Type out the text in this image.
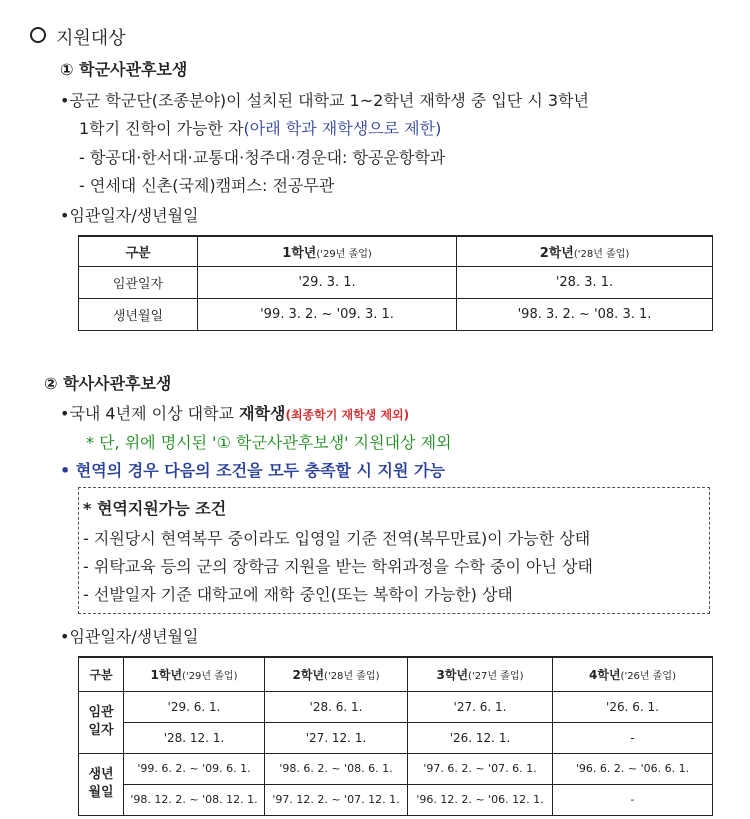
지원대상
① 학군사관후보생
•공군 학군단(조종분야)이 설치된 대학교 1~2학년 재학생 중 입단 시 3학년
1학기 진학이 가능한 자(아래 학과 재학생으로 제한)
- 항공대·한서대·교통대·청주대·경운대: 항공운항학과
- 연세대 신촌(국제)캠퍼스: 전공무관
•임관일자/생년월일
구분	1학년('29년 졸업)	2학년('28년 졸업)
임관일자	'29. 3. 1.	'28. 3. 1.
생년월일	'99. 3. 2. ~ '09. 3. 1.	'98. 3. 2. ~ '08. 3. 1.
② 학사사관후보생
•국내 4년제 이상 대학교 재학생(최종학기 재학생 제외)
* 단, 위에 명시된 '① 학군사관후보생' 지원대상 제외
• 현역의 경우 다음의 조건을 모두 충족할 시 지원 가능
* 현역지원가능 조건
- 지원당시 현역복무 중이라도 입영일 기준 전역(복무만료)이 가능한 상태
- 위탁교육 등의 군의 장학금 지원을 받는 학위과정을 수학 중이 아닌 상태
- 선발일자 기준 대학교에 재학 중인(또는 복학이 가능한) 상태
•임관일자/생년월일
구분	1학년('29년 졸업)	2학년('28년 졸업)	3학년('27년 졸업)	4학년('26년 졸업)
임관
일자	'29. 6. 1.	'28. 6. 1.	'27. 6. 1.	'26. 6. 1.
	'28. 12. 1.	'27. 12. 1.	'26. 12. 1.	-
생년
월일	'99. 6. 2. ~ '09. 6. 1.	'98. 6. 2. ~ '08. 6. 1.	'97. 6. 2. ~ '07. 6. 1.	'96. 6. 2. ~ '06. 6. 1.
	'98. 12. 2. ~ '08. 12. 1.	'97. 12. 2. ~ '07. 12. 1.	'96. 12. 2. ~ '06. 12. 1.	-
